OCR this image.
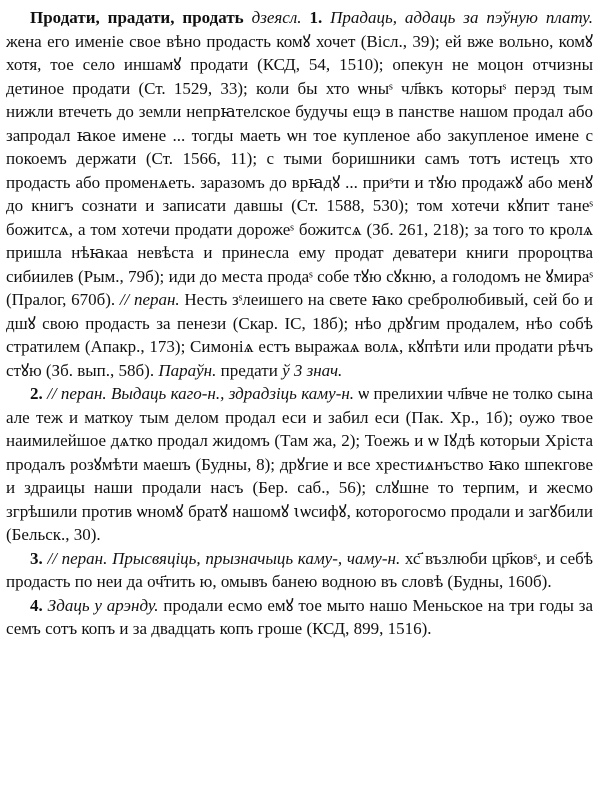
Продати, прадати, продать дзеясл. 1. Прадаць, аддаць за пэўную плату. жена его именіе свое вѣно продасть комꙋ хочет (Вісл., 39); ей вже вольно, комꙋ хотя, тое село иншамꙋ продати (КСД, 54, 1510); опекун не моцон отчизны детиное продати (Ст. 1529, 33); коли бы хто ѡныˢ чл҃вкъ которыˢ перэд тым нижли втечеть до земли непрꙗтелское будучы ещэ в панстве нашом продал або запродал ꙗкое имене ... тогды маеть ѡн тое купленое або закупленое имене с покоемъ держати (Ст. 1566, 11); с тыми боришники самъ тотъ истецъ хто продасть або променѧеть. заразомъ до врꙗдꙋ ... приˢти и тꙋю продажꙋ або менꙋ до книгъ сознати и записати давшы (Ст. 1588, 530); том хотечи кꙋпит танеˢ божитсѧ, а том хотечи продати дорожеˢ божитсѧ (Зб. 261, 218); за того то кролѧ пришла нѣꙗкаа невѣста и принесла ему продат деватери книги пророцтва сибиилев (Рым., 79б); иди до места продаˢ собе тꙋю сꙋкню, а голодомъ не ꙋмираˢ (Пралог, 670б). // перан. Несть зˢлеишего на свете ꙗко сребролюбивый, сей бо и дшꙋ свою продасть за пенези (Скар. ІС, 18б); нѣо дрꙋгим продалем, нѣо собѣ стратилем (Апакр., 173); Симоніѧ естъ выражаѧ волѧ, кꙋпѣти или продати рѣчъ стꙋю (Зб. вып., 58б). Параўн. предати ў 3 знач.

2. // перан. Выдаць каго-н., здрадзіць каму-н. ѡ прелихии чл҃вче не толко сына але теж и маткоу тым делом продал еси и забил еси (Пак. Хр., 1б); оужо твое наимилейшое дѧтко продал жидомъ (Там жа, 2); Тоежь и ѡ Іꙋдѣ которыи Хріста продалъ розꙋмѣти маешъ (Будны, 8); дрꙋгие и все хрестиѧнъство ꙗко шпекгове и здраицы наши продали насъ (Бер. саб., 56); слꙋшне то терпим, и жесмо згрѣшили против ѡномꙋ братꙋ нашомꙋ ꙇѡсифꙋ, которогосмо продали и загꙋбили (Бельск., 30).

3. // перан. Прысвяціць, прызначыць каму-, чаму-н. хс҃ възлюби цр҃ковˢ, и себѣ продасть по неи да оч҃тить ю, омывъ банею водною въ словѣ (Будны, 160б).

4. Здаць у арэнду. продали есмо емꙋ тое мыто нашо Меньское на три годы за семъ сотъ копъ и за двадцать копъ гроше (КСД, 899, 1516).
